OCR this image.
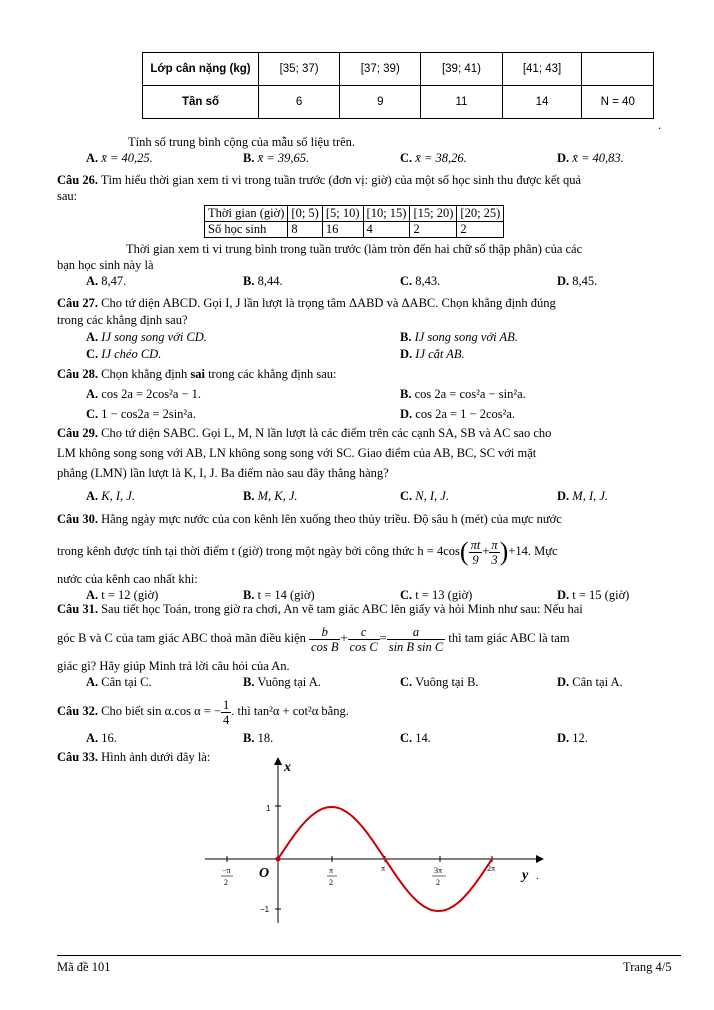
Lớp cân nặng (kg)	[35; 37)	[37; 39)	[39; 41)	[41; 43]	
Tần số	6	9	11	14	N = 40
.
Tính số trung bình cộng của mẫu số liệu trên.
A. x̄ = 40,25.	B. x̄ = 39,65.	C. x̄ = 38,26.	D. x̄ = 40,83.
Câu 26. Tìm hiểu thời gian xem ti vi trong tuần trước (đơn vị: giờ) của một số học sinh thu được kết quả
sau:
Thời gian (giờ)	[0; 5)	[5; 10)	[10; 15)	[15; 20)	[20; 25)
Số học sinh	8	16	4	2	2
Thời gian xem ti vi trung bình trong tuần trước (làm tròn đến hai chữ số thập phân) của các
bạn học sinh này là
A. 8,47.	B. 8,44.	C. 8,43.	D. 8,45.
Câu 27. Cho tứ diện ABCD. Gọi I, J lần lượt là trọng tâm ΔABD và ΔABC. Chọn khẳng định đúng
trong các khẳng định sau?
A. IJ song song với CD.	B. IJ song song với AB.
C. IJ chéo CD.	D. IJ cắt AB.
Câu 28. Chọn khẳng định sai trong các khẳng định sau:
A. cos 2a = 2cos²a − 1.	B. cos 2a = cos²a − sin²a.
C. 1 − cos2a = 2sin²a.	D. cos 2a = 1 − 2cos²a.
Câu 29. Cho tứ diện SABC. Gọi L, M, N lần lượt là các điểm trên các cạnh SA, SB và AC sao cho
LM không song song với AB, LN không song song với SC. Giao điểm của AB, BC, SC với mặt
phẳng (LMN) lần lượt là K, I, J. Ba điểm nào sau đây thẳng hàng?
A. K, I, J.	B. M, K, J.	C. N, I, J.	D. M, I, J.
Câu 30. Hằng ngày mực nước của con kênh lên xuống theo thủy triều. Độ sâu h (mét) của mực nước
trong kênh được tính tại thời điểm t (giờ) trong một ngày bởi công thức $h = 4\cos( \frac{\pi t}{9} + \frac{\pi}{3} )+14$. Mực
nước của kênh cao nhất khi:
A. t = 12 (giờ)	B. t = 14 (giờ)	C. t = 13 (giờ)	D. t = 15 (giờ)
Câu 31. Sau tiết học Toán, trong giờ ra chơi, An vẽ tam giác ABC lên giấy và hỏi Minh như sau: Nếu hai
góc B và C của tam giác ABC thoả mãn điều kiện $\frac{b}{\text{cos B}} + \frac{c}{\text{cos C}} = \frac{a}{\text{sin B sin C}}$ thì tam giác ABC là tam
giác gì? Hãy giúp Minh trả lời câu hỏi của An.
A. Cân tại C.	B. Vuông tại A.	C. Vuông tại B.	D. Cân tại A.
Câu 32. Cho biết sin α.cos α = − $\frac{1}{4}$ . thì tan²α + cot²α bằng.
A. 16.	B. 18.	C. 14.	D. 12.
Câu 33. Hình ảnh dưới đây là:
x
y .
O
1
−1
−π
2
π
2
π	3π
2
2π
Mã đề 101	Trang 4/5
